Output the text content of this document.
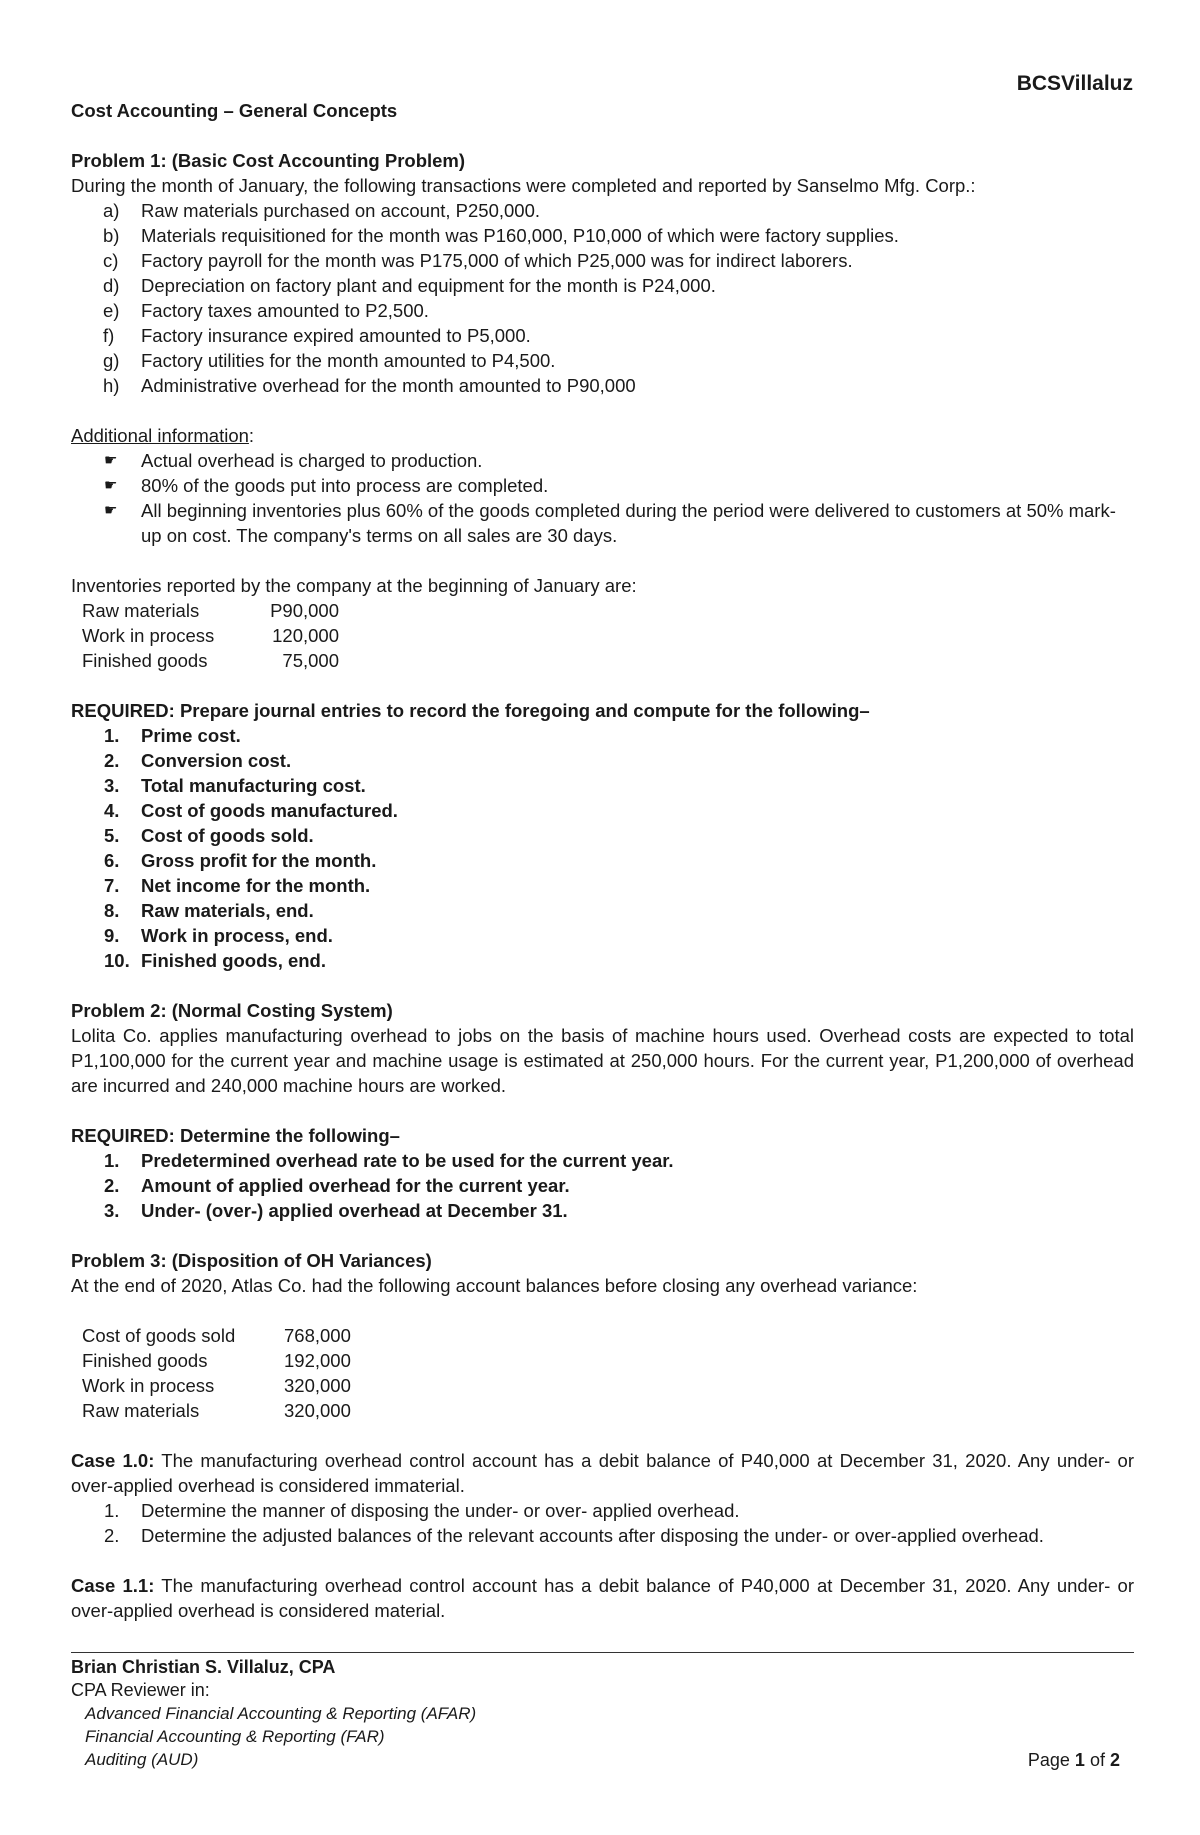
BCSVillaluz
Cost Accounting – General Concepts
Problem 1: (Basic Cost Accounting Problem)
During the month of January, the following transactions were completed and reported by Sanselmo Mfg. Corp.:
a) Raw materials purchased on account, P250,000.
b) Materials requisitioned for the month was P160,000, P10,000 of which were factory supplies.
c) Factory payroll for the month was P175,000 of which P25,000 was for indirect laborers.
d) Depreciation on factory plant and equipment for the month is P24,000.
e) Factory taxes amounted to P2,500.
f) Factory insurance expired amounted to P5,000.
g) Factory utilities for the month amounted to P4,500.
h) Administrative overhead for the month amounted to P90,000
Additional information:
☛ Actual overhead is charged to production.
☛ 80% of the goods put into process are completed.
☛ All beginning inventories plus 60% of the goods completed during the period were delivered to customers at 50% mark-up on cost. The company's terms on all sales are 30 days.
Inventories reported by the company at the beginning of January are:
Raw materials	P90,000
Work in process	120,000
Finished goods	75,000
REQUIRED: Prepare journal entries to record the foregoing and compute for the following–
1.	Prime cost.
2.	Conversion cost.
3.	Total manufacturing cost.
4.	Cost of goods manufactured.
5.	Cost of goods sold.
6.	Gross profit for the month.
7.	Net income for the month.
8.	Raw materials, end.
9.	Work in process, end.
10. Finished goods, end.
Problem 2: (Normal Costing System)
Lolita Co. applies manufacturing overhead to jobs on the basis of machine hours used. Overhead costs are expected to total P1,100,000 for the current year and machine usage is estimated at 250,000 hours. For the current year, P1,200,000 of overhead are incurred and 240,000 machine hours are worked.
REQUIRED: Determine the following–
1.	Predetermined overhead rate to be used for the current year.
2.	Amount of applied overhead for the current year.
3.	Under- (over-) applied overhead at December 31.
Problem 3: (Disposition of OH Variances)
At the end of 2020, Atlas Co. had the following account balances before closing any overhead variance:
Cost of goods sold	768,000
Finished goods	192,000
Work in process	320,000
Raw materials	320,000
Case 1.0: The manufacturing overhead control account has a debit balance of P40,000 at December 31, 2020. Any under- or over-applied overhead is considered immaterial.
1.	Determine the manner of disposing the under- or over- applied overhead.
2.	Determine the adjusted balances of the relevant accounts after disposing the under- or over-applied overhead.
Case 1.1: The manufacturing overhead control account has a debit balance of P40,000 at December 31, 2020. Any under- or over-applied overhead is considered material.
Brian Christian S. Villaluz, CPA
CPA Reviewer in:
Advanced Financial Accounting & Reporting (AFAR)
Financial Accounting & Reporting (FAR)
Auditing (AUD)	Page 1 of 2
